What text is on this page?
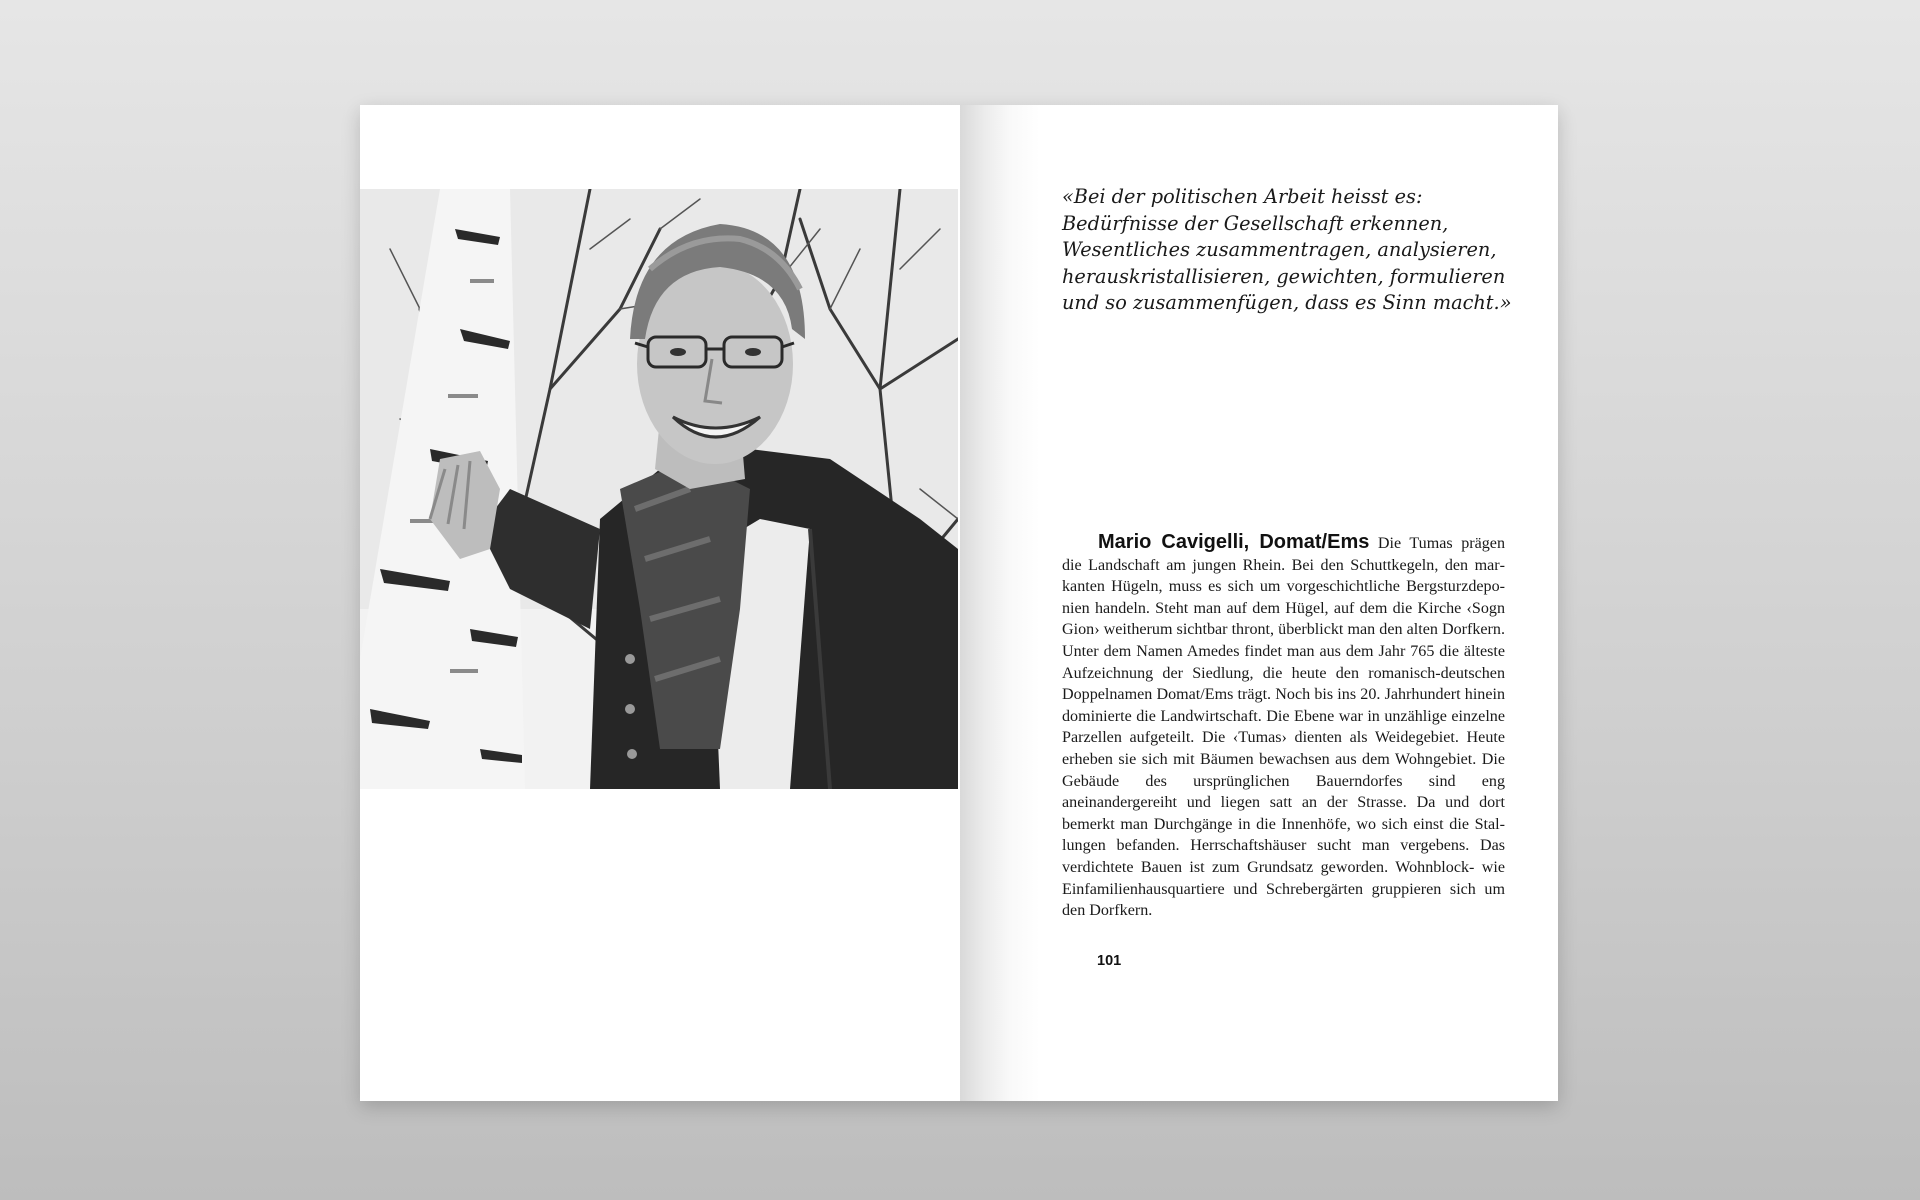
«Bei der politischen Arbeit heisst es: Bedürfnisse der Gesellschaft erkennen, Wesentliches zusammentragen, analysieren, herauskristallisieren, gewichten, formulieren und so zusammenfügen, dass es Sinn macht.»

Mario Cavigelli, Domat/Ems Die Tumas prägen die Landschaft am jungen Rhein. Bei den Schuttkegeln, den markanten Hügeln, muss es sich um vorgeschichtliche Bergsturzdeponien handeln. Steht man auf dem Hügel, auf dem die Kirche ‹Sogn Gion› weitherum sichtbar thront, überblickt man den alten Dorfkern. Unter dem Namen Amedes findet man aus dem Jahr 765 die älteste Aufzeichnung der Siedlung, die heute den romanisch-deutschen Doppelnamen Domat/Ems trägt. Noch bis ins 20. Jahrhundert hinein dominierte die Landwirtschaft. Die Ebene war in unzählige einzelne Parzellen aufgeteilt. Die ‹Tumas› dienten als Weidegebiet. Heute erheben sie sich mit Bäumen bewachsen aus dem Wohngebiet. Die Gebäude des ursprünglichen Bauerndorfes sind eng aneinandergereiht und liegen satt an der Strasse. Da und dort bemerkt man Durchgänge in die Innenhöfe, wo sich einst die Stallungen befanden. Herrschaftshäuser sucht man vergebens. Das verdichtete Bauen ist zum Grundsatz geworden. Wohnblock- wie Einfamilienhausquartiere und Schrebergärten gruppieren sich um den Dorfkern.

101
